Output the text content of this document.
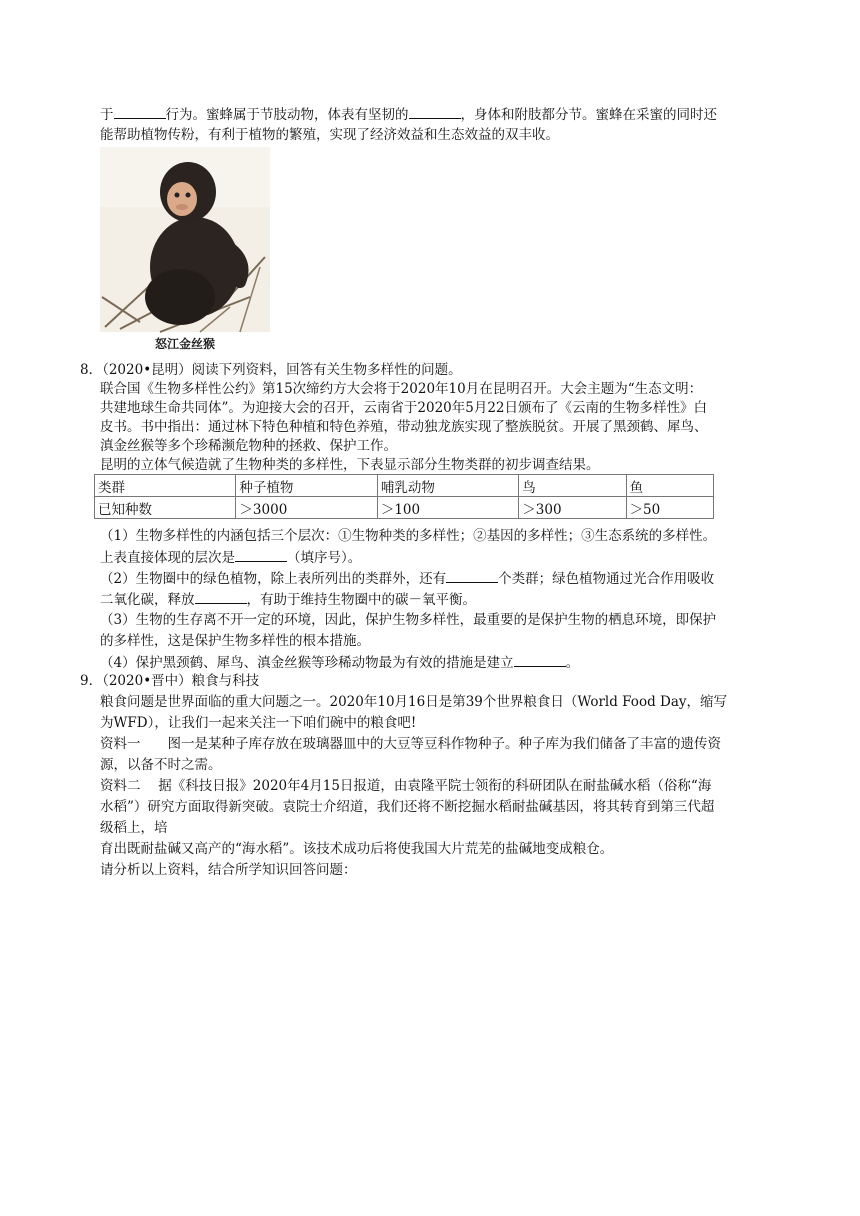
于	行为。蜜蜂属于节肢动物，体表有坚韧的	，身体和附肢都分节。蜜蜂在采蜜的同时还
能帮助植物传粉，有利于植物的繁殖，实现了经济效益和生态效益的双丰收。
怒江金丝猴
8．（2020•昆明）阅读下列资料，回答有关生物多样性的问题。
联合国《生物多样性公约》第15次缔约方大会将于2020年10月在昆明召开。大会主题为“生态文明：
共建地球生命共同体”。为迎接大会的召开，云南省于2020年5月22日颁布了《云南的生物多样性》白
皮书。书中指出：通过林下特色种植和特色养殖，带动独龙族实现了整族脱贫。开展了黑颈鹤、犀鸟、
滇金丝猴等多个珍稀濒危物种的拯救、保护工作。
昆明的立体气候造就了生物种类的多样性，下表显示部分生物类群的初步调查结果。
类群	种子植物	哺乳动物	鸟	鱼
已知种数	＞3000	＞100	＞300	＞50
（1）生物多样性的内涵包括三个层次：①生物种类的多样性；②基因的多样性；③生态系统的多样性。
上表直接体现的层次是	（填序号）。
（2）生物圈中的绿色植物，除上表所列出的类群外，还有	个类群；绿色植物通过光合作用吸收
二氧化碳，释放	，有助于维持生物圈中的碳－氧平衡。
（3）生物的生存离不开一定的环境，因此，保护生物多样性，最重要的是保护生物的栖息环境，即保护
的多样性，这是保护生物多样性的根本措施。
（4）保护黑颈鹤、犀鸟、滇金丝猴等珍稀动物最为有效的措施是建立	。
9．（2020•晋中）粮食与科技
粮食问题是世界面临的重大问题之一。2020年10月16日是第39个世界粮食日（World Food Day，缩写
为WFD），让我们一起来关注一下咱们碗中的粮食吧!
资料一　　图一是某种子库存放在玻璃器皿中的大豆等豆科作物种子。种子库为我们储备了丰富的遗传资
源，以备不时之需。
资料二　 据《科技日报》2020年4月15日报道，由袁隆平院士领衔的科研团队在耐盐碱水稻（俗称“海
水稻”）研究方面取得新突破。袁院士介绍道，我们还将不断挖掘水稻耐盐碱基因，将其转育到第三代超
级稻上，培
育出既耐盐碱又高产的“海水稻”。该技术成功后将使我国大片荒芜的盐碱地变成粮仓。
请分析以上资料，结合所学知识回答问题：
